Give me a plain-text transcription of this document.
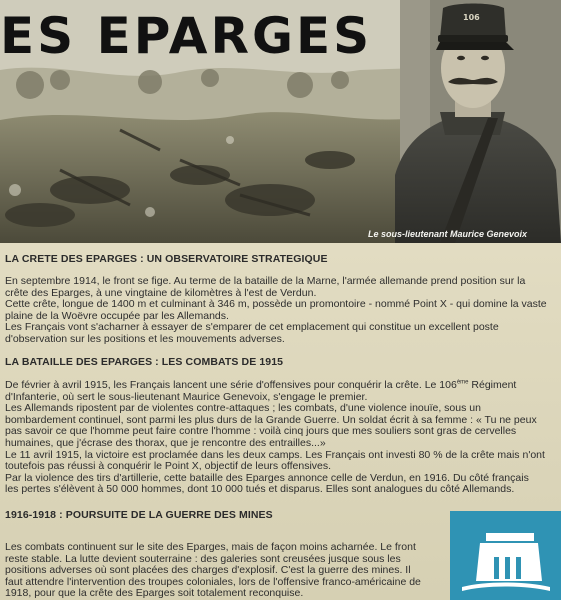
106
ES EPARGES
Le sous-lieutenant Maurice Genevoix
LA CRETE DES EPARGES : UN OBSERVATOIRE STRATEGIQUE
En septembre 1914, le front se fige. Au terme de la bataille de la Marne, l'armée allemande prend position sur la
crête des Eparges, à une vingtaine de kilomètres à l'est de Verdun.
Cette crête, longue de 1400 m et culminant à 346 m, possède un promontoire - nommé Point X - qui domine la vaste
plaine de la Woëvre occupée par les Allemands.
Les Français vont s'acharner à essayer de s'emparer de cet emplacement qui constitue un excellent poste
d'observation sur les positions et les mouvements adverses.
LA BATAILLE DES EPARGES : LES COMBATS DE 1915
De février à avril 1915, les Français lancent une série d'offensives pour conquérir la crête. Le 106ème Régiment
d'Infanterie, où sert le sous-lieutenant Maurice Genevoix, s'engage le premier.
Les Allemands ripostent par de violentes contre-attaques ; les combats, d'une violence inouïe, sous un
bombardement continuel, sont parmi les plus durs de la Grande Guerre. Un soldat écrit à sa femme : « Tu ne peux
pas savoir ce que l'homme peut faire contre l'homme : voilà cinq jours que mes souliers sont gras de cervelles
humaines, que j'écrase des thorax, que je rencontre des entrailles...»
Le 11 avril 1915, la victoire est proclamée dans les deux camps. Les Français ont investi 80 % de la crête mais n'ont
toutefois pas réussi à conquérir le Point X, objectif de leurs offensives.
Par la violence des tirs d'artillerie, cette bataille des Eparges annonce celle de Verdun, en 1916. Du côté français
les pertes s'élèvent à 50 000 hommes, dont 10 000 tués et disparus. Elles sont analogues du côté Allemands.
1916-1918 : POURSUITE DE LA GUERRE DES MINES
Les combats continuent sur le site des Eparges, mais de façon moins acharnée. Le front
reste stable. La lutte devient souterraine : des galeries sont creusées jusque sous les
positions adverses où sont placées des charges d'explosif. C'est la guerre des mines. Il
faut attendre l'intervention des troupes coloniales, lors de l'offensive franco-américaine de
1918, pour que la crête des Eparges soit totalement reconquise.
